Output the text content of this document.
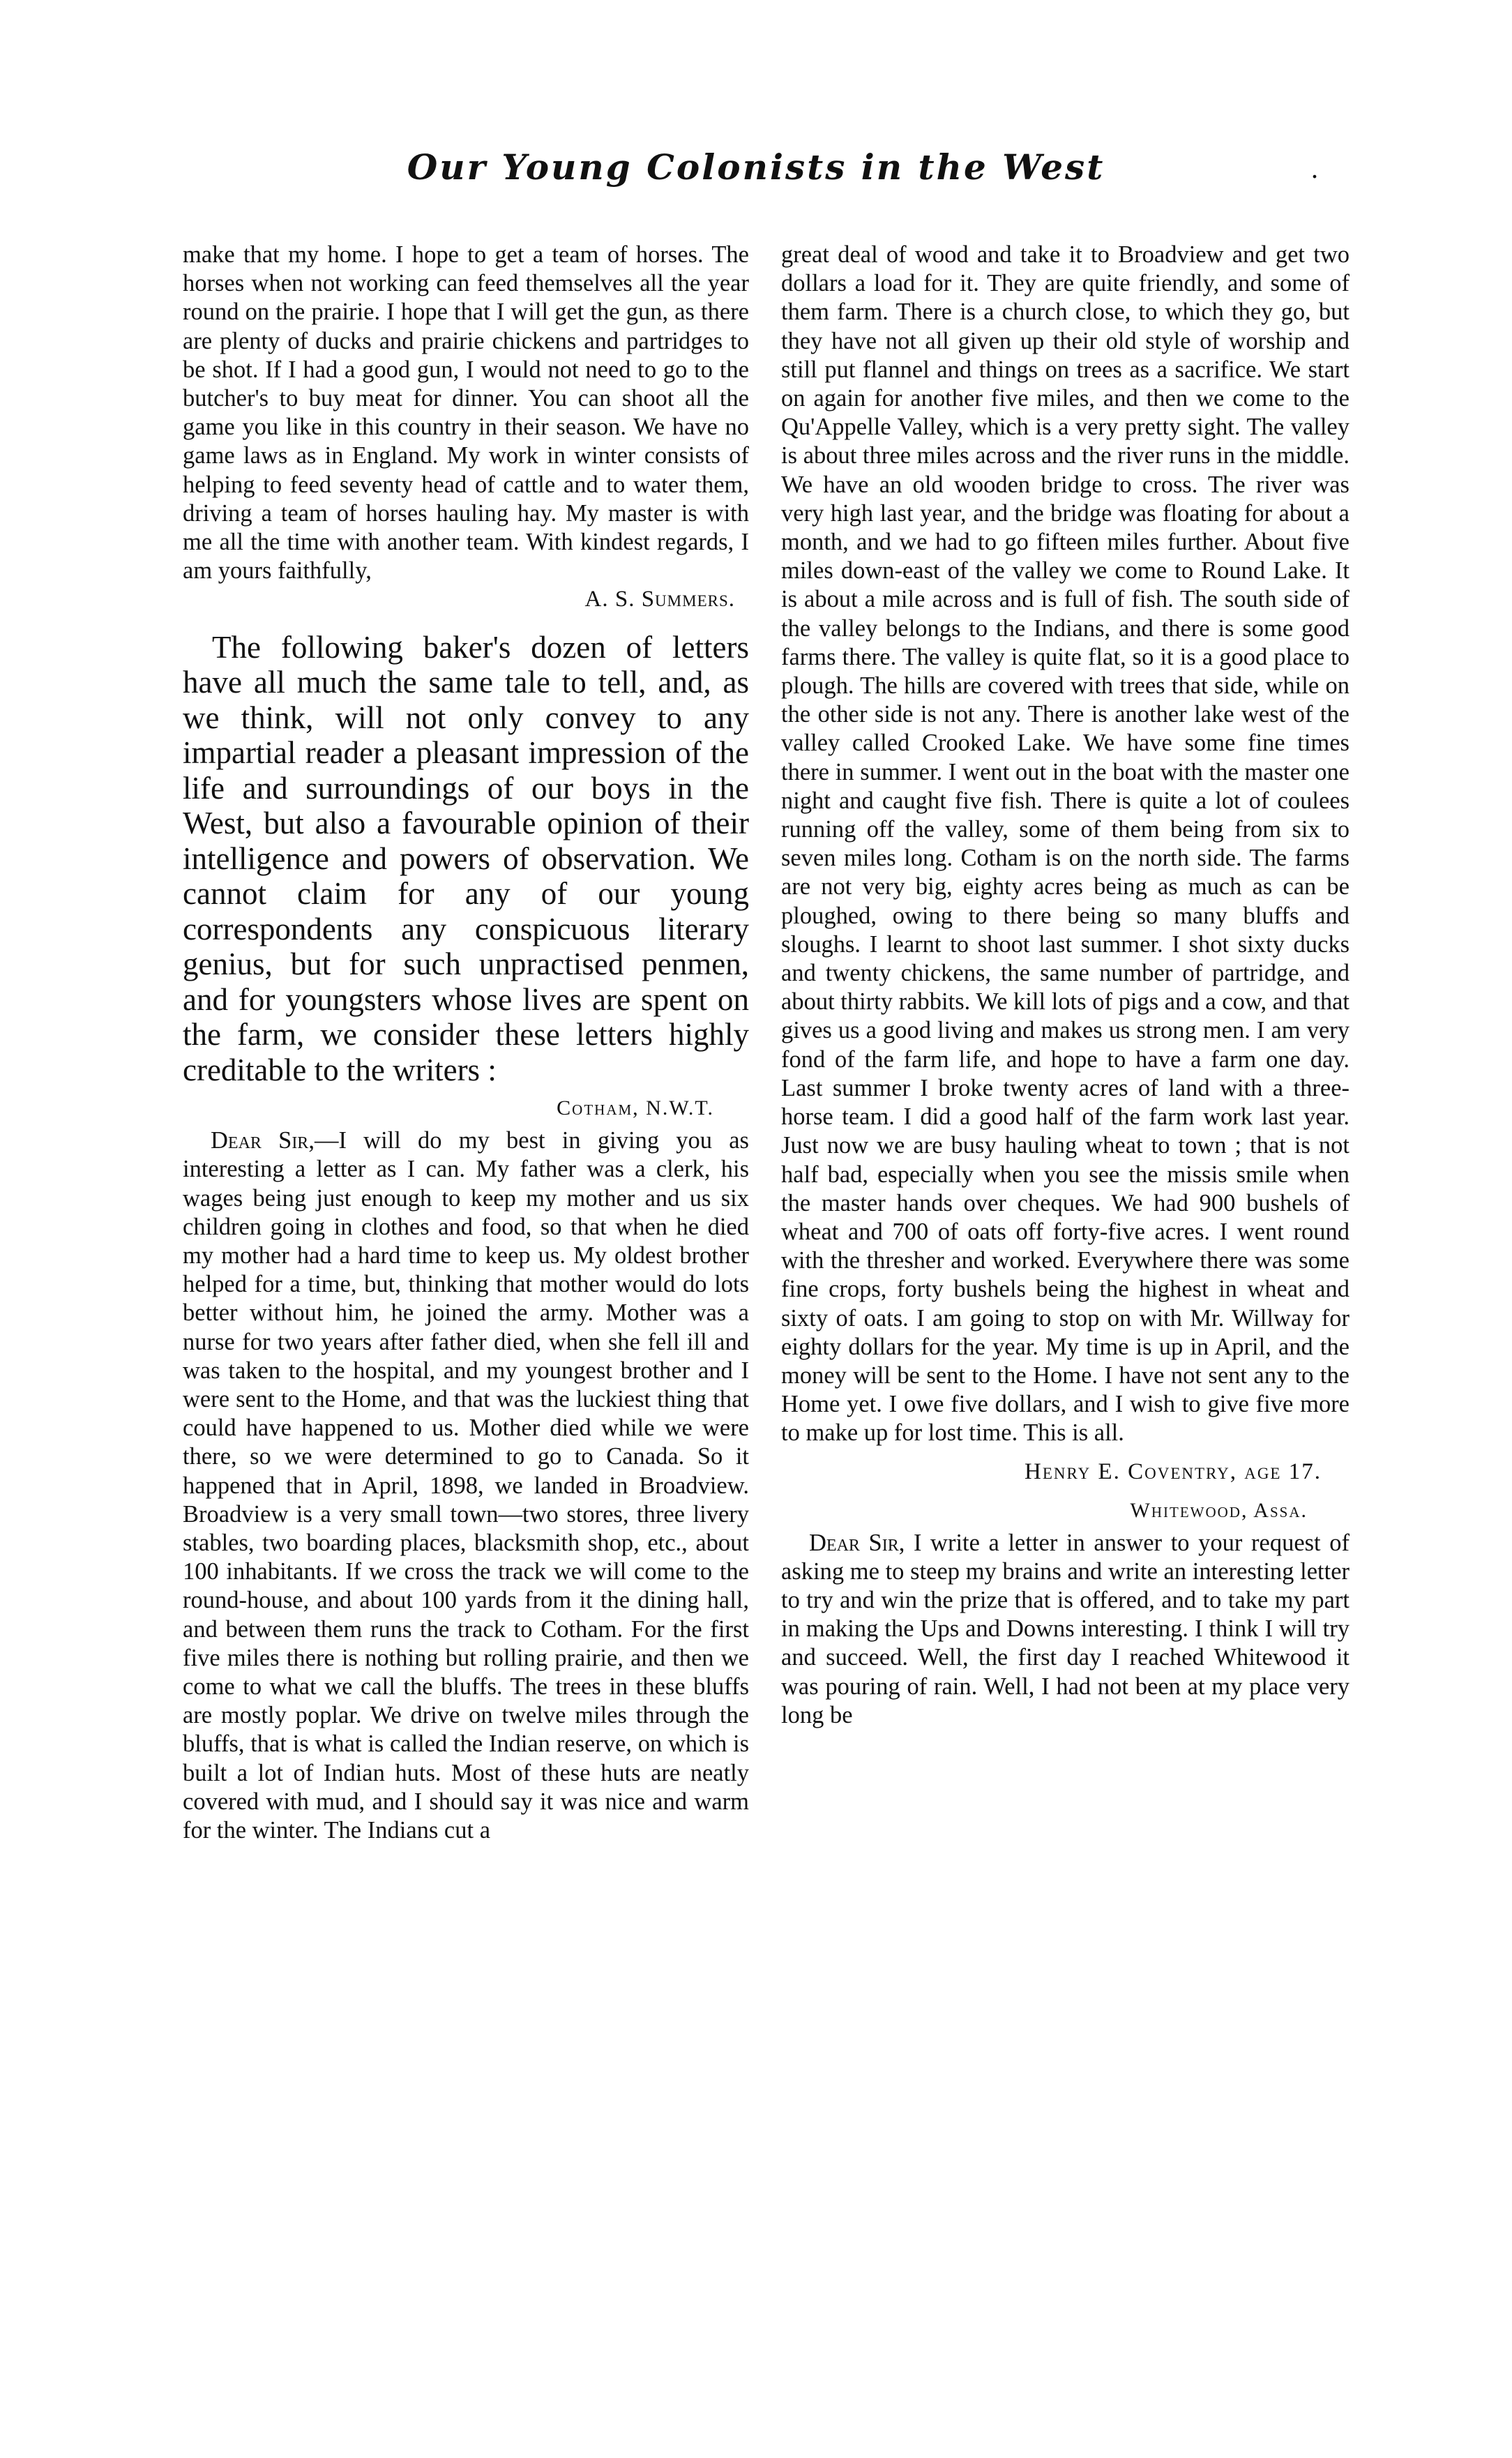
Our Young Colonists in the West	.

make that my home. I hope to get a team of horses. The horses when not working can feed themselves all the year round on the prairie. I hope that I will get the gun, as there are plenty of ducks and prairie chickens and partridges to be shot. If I had a good gun, I would not need to go to the butcher's to buy meat for dinner. You can shoot all the game you like in this country in their season. We have no game laws as in England. My work in winter consists of helping to feed seventy head of cattle and to water them, driving a team of horses hauling hay. My master is with me all the time with another team. With kindest regards, I am yours faithfully,

A. S. Summers.

The following baker's dozen of letters have all much the same tale to tell, and, as we think, will not only convey to any impartial reader a pleasant impression of the life and surroundings of our boys in the West, but also a favourable opinion of their intelligence and powers of observation. We cannot claim for any of our young correspondents any conspicuous literary genius, but for such unpractised penmen, and for youngsters whose lives are spent on the farm, we consider these letters highly creditable to the writers :

Cotham, N.W.T.

Dear Sir,—I will do my best in giving you as interesting a letter as I can. My father was a clerk, his wages being just enough to keep my mother and us six children going in clothes and food, so that when he died my mother had a hard time to keep us. My oldest brother helped for a time, but, thinking that mother would do lots better without him, he joined the army. Mother was a nurse for two years after father died, when she fell ill and was taken to the hospital, and my youngest brother and I were sent to the Home, and that was the luckiest thing that could have happened to us. Mother died while we were there, so we were determined to go to Canada. So it happened that in April, 1898, we landed in Broadview. Broadview is a very small town—two stores, three livery stables, two boarding places, blacksmith shop, etc., about 100 inhabitants. If we cross the track we will come to the round-house, and about 100 yards from it the dining hall, and between them runs the track to Cotham. For the first five miles there is nothing but rolling prairie, and then we come to what we call the bluffs. The trees in these bluffs are mostly poplar. We drive on twelve miles through the bluffs, that is what is called the Indian reserve, on which is built a lot of Indian huts. Most of these huts are neatly covered with mud, and I should say it was nice and warm for the winter. The Indians cut a

great deal of wood and take it to Broadview and get two dollars a load for it. They are quite friendly, and some of them farm. There is a church close, to which they go, but they have not all given up their old style of worship and still put flannel and things on trees as a sacrifice. We start on again for another five miles, and then we come to the Qu'Appelle Valley, which is a very pretty sight. The valley is about three miles across and the river runs in the middle. We have an old wooden bridge to cross. The river was very high last year, and the bridge was floating for about a month, and we had to go fifteen miles further. About five miles down-east of the valley we come to Round Lake. It is about a mile across and is full of fish. The south side of the valley belongs to the Indians, and there is some good farms there. The valley is quite flat, so it is a good place to plough. The hills are covered with trees that side, while on the other side is not any. There is another lake west of the valley called Crooked Lake. We have some fine times there in summer. I went out in the boat with the master one night and caught five fish. There is quite a lot of coulees running off the valley, some of them being from six to seven miles long. Cotham is on the north side. The farms are not very big, eighty acres being as much as can be ploughed, owing to there being so many bluffs and sloughs. I learnt to shoot last summer. I shot sixty ducks and twenty chickens, the same number of partridge, and about thirty rabbits. We kill lots of pigs and a cow, and that gives us a good living and makes us strong men. I am very fond of the farm life, and hope to have a farm one day. Last summer I broke twenty acres of land with a three-horse team. I did a good half of the farm work last year. Just now we are busy hauling wheat to town ; that is not half bad, especially when you see the missis smile when the master hands over cheques. We had 900 bushels of wheat and 700 of oats off forty-five acres. I went round with the thresher and worked. Everywhere there was some fine crops, forty bushels being the highest in wheat and sixty of oats. I am going to stop on with Mr. Willway for eighty dollars for the year. My time is up in April, and the money will be sent to the Home. I have not sent any to the Home yet. I owe five dollars, and I wish to give five more to make up for lost time. This is all.

Henry E. Coventry, age 17.

Whitewood, Assa.

Dear Sir, I write a letter in answer to your request of asking me to steep my brains and write an interesting letter to try and win the prize that is offered, and to take my part in making the Ups and Downs interesting. I think I will try and succeed. Well, the first day I reached Whitewood it was pouring of rain. Well, I had not been at my place very long be
